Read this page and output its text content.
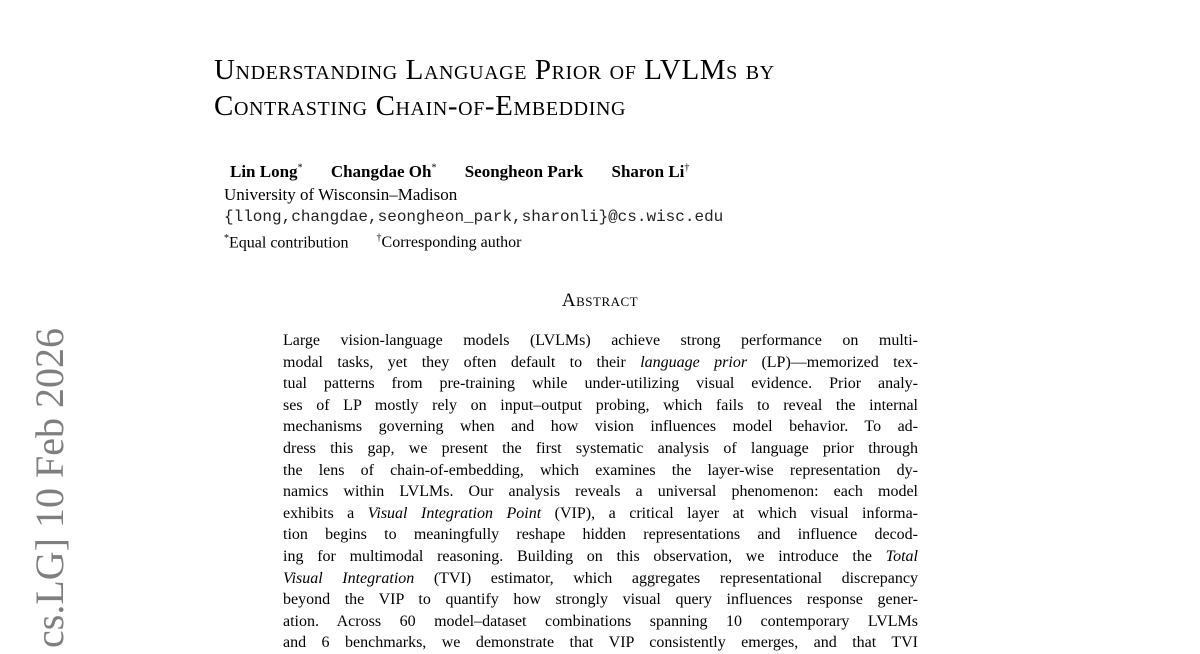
Understanding Language Prior of LVLMs by
Contrasting Chain-of-Embedding
Lin Long* Changdae Oh* Seongheon Park Sharon Li†
University of Wisconsin–Madison
{llong,changdae,seongheon_park,sharonli}@cs.wisc.edu
*Equal contribution	†Corresponding author
Abstract
Large vision-language models (LVLMs) achieve strong performance on multi-
modal tasks, yet they often default to their language prior (LP)—memorized tex-
tual patterns from pre-training while under-utilizing visual evidence. Prior analy-
ses of LP mostly rely on input–output probing, which fails to reveal the internal
mechanisms governing when and how vision influences model behavior. To ad-
dress this gap, we present the first systematic analysis of language prior through
the lens of chain-of-embedding, which examines the layer-wise representation dy-
namics within LVLMs. Our analysis reveals a universal phenomenon: each model
exhibits a Visual Integration Point (VIP), a critical layer at which visual informa-
tion begins to meaningfully reshape hidden representations and influence decod-
ing for multimodal reasoning. Building on this observation, we introduce the Total
Visual Integration (TVI) estimator, which aggregates representational discrepancy
beyond the VIP to quantify how strongly visual query influences response gener-
ation. Across 60 model–dataset combinations spanning 10 contemporary LVLMs
and 6 benchmarks, we demonstrate that VIP consistently emerges, and that TVI
cs.LG] 10 Feb 2026
